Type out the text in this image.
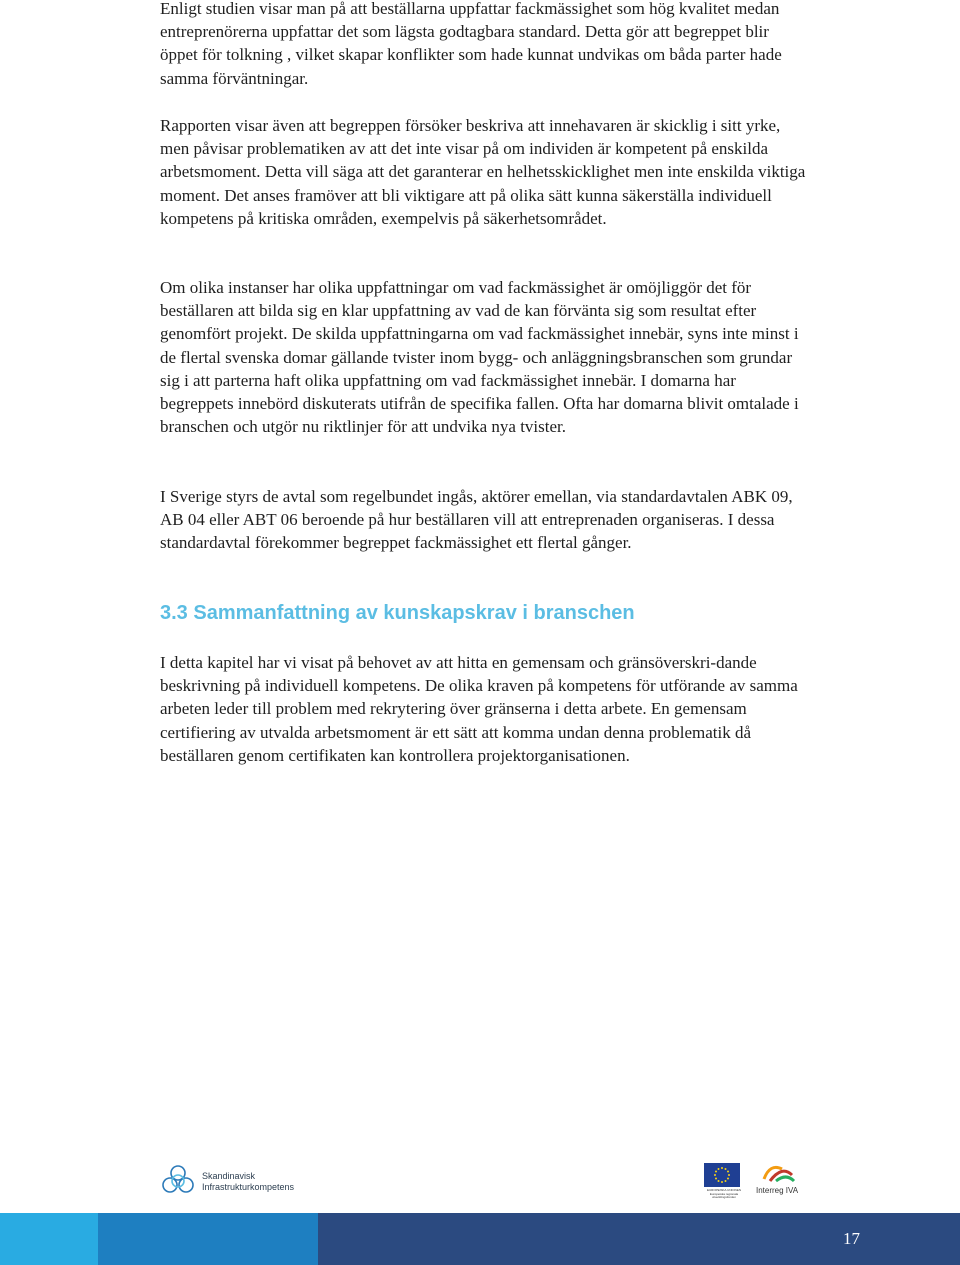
Enligt studien visar man på att beställarna uppfattar fackmässighet som hög kvalitet medan entreprenörerna uppfattar det som lägsta godtagbara standard. Detta gör att begreppet blir öppet för tolkning , vilket skapar konflikter som hade kunnat undvikas om båda parter hade samma förväntningar.

Rapporten visar även att begreppen försöker beskriva att innehavaren är skicklig i sitt yrke, men påvisar problematiken av att det inte visar på om individen är kompetent på enskilda arbetsmoment. Detta vill säga att det garanterar en helhetsskicklighet men inte enskilda viktiga moment. Det anses framöver att bli viktigare att på olika sätt kunna säkerställa individuell kompetens på kritiska områden, exempelvis på säkerhetsområdet.

Om olika instanser har olika uppfattningar om vad fackmässighet är omöjliggör det för beställaren att bilda sig en klar uppfattning av vad de kan förvänta sig som resultat efter genomfört projekt. De skilda uppfattningarna om vad fackmässighet innebär, syns inte minst i de flertal svenska domar gällande tvister inom bygg- och anläggningsbranschen som grundar sig i att parterna haft olika uppfattning om vad fackmässighet innebär. I domarna har begreppets innebörd diskuterats utifrån de specifika fallen. Ofta har domarna blivit omtalade i branschen och utgör nu riktlinjer för att undvika nya tvister.

I Sverige styrs de avtal som regelbundet ingås, aktörer emellan, via standardavtalen ABK 09, AB 04 eller ABT 06 beroende på hur beställaren vill att entreprenaden organiseras. I dessa standardavtal förekommer begreppet fackmässighet ett flertal gånger.

3.3 Sammanfattning av kunskapskrav i branschen

I detta kapitel har vi visat på behovet av att hitta en gemensam och gränsöverskri-dande beskrivning på individuell kompetens. De olika kraven på kompetens för utförande av samma arbeten leder till problem med rekrytering över gränserna i detta arbete. En gemensam certifiering av utvalda arbetsmoment är ett sätt att komma undan denna problematik då beställaren genom certifikaten kan kontrollera projektorganisationen.

Skandinavisk
Infrastrukturkompetens	EUROPEISKA UNIONEN Europeiska regionala utvecklingsfonden
Interreg IVA
17
